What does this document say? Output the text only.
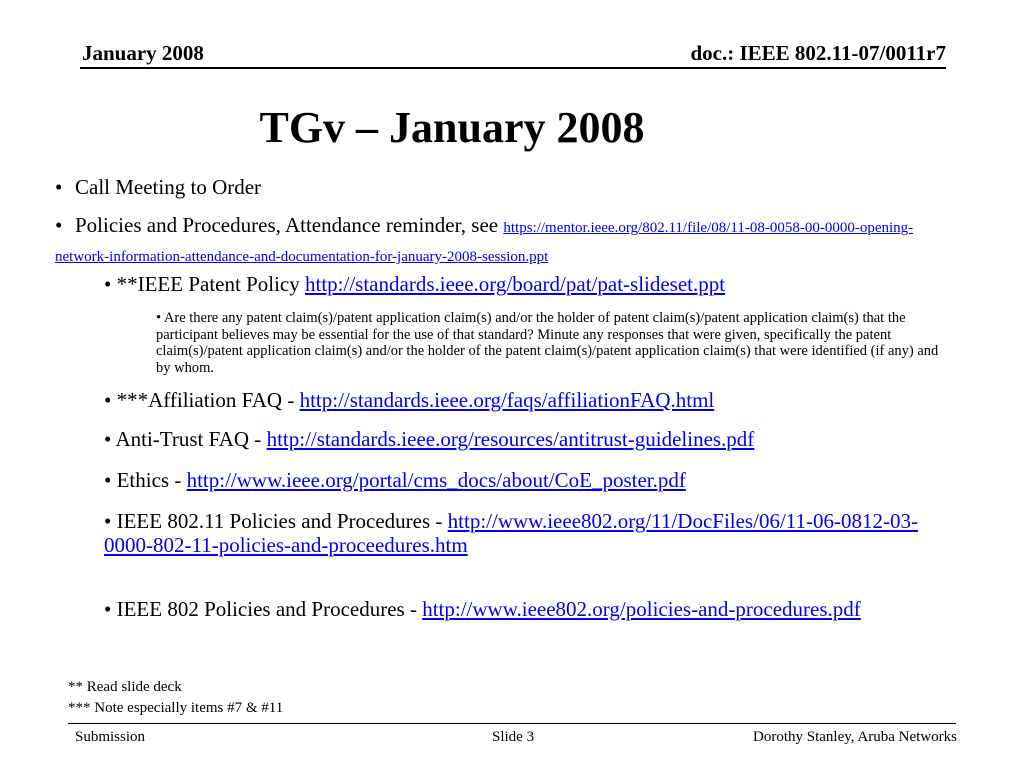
January 2008	doc.: IEEE 802.11-07/0011r7
TGv – January 2008
• Call Meeting to Order
• Policies and Procedures, Attendance reminder, see https://mentor.ieee.org/802.11/file/08/11-08-0058-00-0000-opening-network-information-attendance-and-documentation-for-january-2008-session.ppt
• **IEEE Patent Policy http://standards.ieee.org/board/pat/pat-slideset.ppt
• Are there any patent claim(s)/patent application claim(s) and/or the holder of patent claim(s)/patent application claim(s) that the participant believes may be essential for the use of that standard? Minute any responses that were given, specifically the patent claim(s)/patent application claim(s) and/or the holder of the patent claim(s)/patent application claim(s) that were identified (if any) and by whom.
• ***Affiliation FAQ - http://standards.ieee.org/faqs/affiliationFAQ.html
• Anti-Trust FAQ - http://standards.ieee.org/resources/antitrust-guidelines.pdf
• Ethics - http://www.ieee.org/portal/cms_docs/about/CoE_poster.pdf
• IEEE 802.11 Policies and Procedures - http://www.ieee802.org/11/DocFiles/06/11-06-0812-03-0000-802-11-policies-and-proceedures.htm
• IEEE 802 Policies and Procedures - http://www.ieee802.org/policies-and-procedures.pdf
** Read slide deck
*** Note especially items #7 & #11
Submission	Slide 3	Dorothy Stanley, Aruba Networks
